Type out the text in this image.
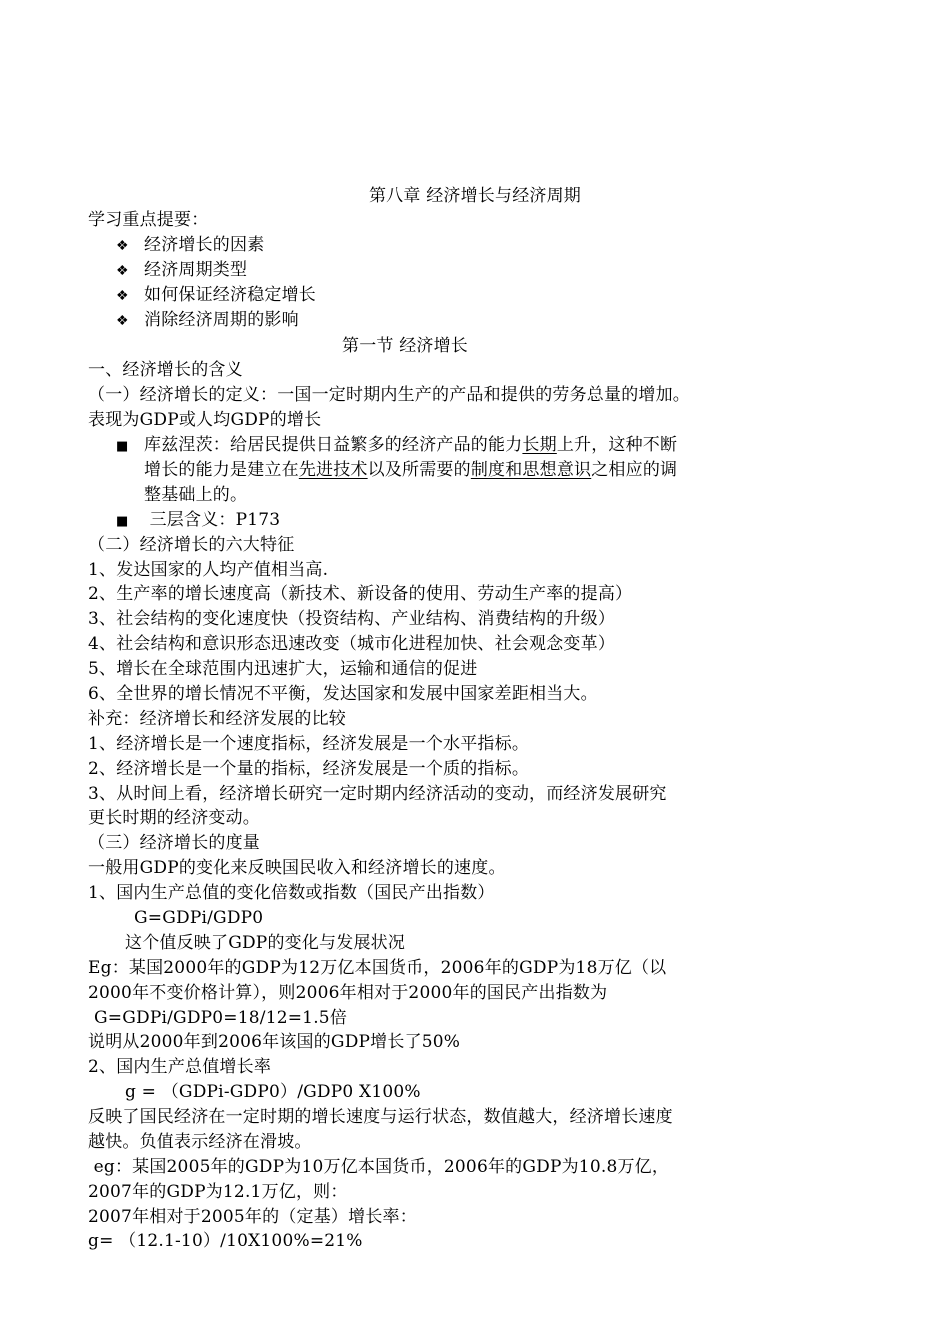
第八章 经济增长与经济周期
学习重点提要：
❖ 经济增长的因素
❖ 经济周期类型
❖ 如何保证经济稳定增长
❖ 消除经济周期的影响
第一节 经济增长
一、经济增长的含义
（一）经济增长的定义：一国一定时期内生产的产品和提供的劳务总量的增加。
表现为GDP或人均GDP的增长
■ 库兹涅茨：给居民提供日益繁多的经济产品的能力长期上升，这种不断
增长的能力是建立在先进技术以及所需要的制度和思想意识之相应的调
整基础上的。
■ 三层含义：P173
（二）经济增长的六大特征
1、发达国家的人均产值相当高.
2、生产率的增长速度高（新技术、新设备的使用、劳动生产率的提高）
3、社会结构的变化速度快（投资结构、产业结构、消费结构的升级）
4、社会结构和意识形态迅速改变（城市化进程加快、社会观念变革）
5、增长在全球范围内迅速扩大，运输和通信的促进
6、全世界的增长情况不平衡，发达国家和发展中国家差距相当大。
补充：经济增长和经济发展的比较
1、经济增长是一个速度指标，经济发展是一个水平指标。
2、经济增长是一个量的指标，经济发展是一个质的指标。
3、从时间上看，经济增长研究一定时期内经济活动的变动，而经济发展研究
更长时期的经济变动。
（三）经济增长的度量
一般用GDP的变化来反映国民收入和经济增长的速度。
1、国内生产总值的变化倍数或指数（国民产出指数）
G=GDPi/GDP0
这个值反映了GDP的变化与发展状况
Eg：某国2000年的GDP为12万亿本国货币，2006年的GDP为18万亿（以
2000年不变价格计算），则2006年相对于2000年的国民产出指数为
G=GDPi/GDP0=18/12=1.5倍
说明从2000年到2006年该国的GDP增长了50%
2、国内生产总值增长率
g = （GDPi-GDP0）/GDP0 X100%
反映了国民经济在一定时期的增长速度与运行状态，数值越大，经济增长速度
越快。负值表示经济在滑坡。
eg：某国2005年的GDP为10万亿本国货币，2006年的GDP为10.8万亿，
2007年的GDP为12.1万亿，则：
2007年相对于2005年的（定基）增长率：
g= （12.1-10）/10X100%=21%
